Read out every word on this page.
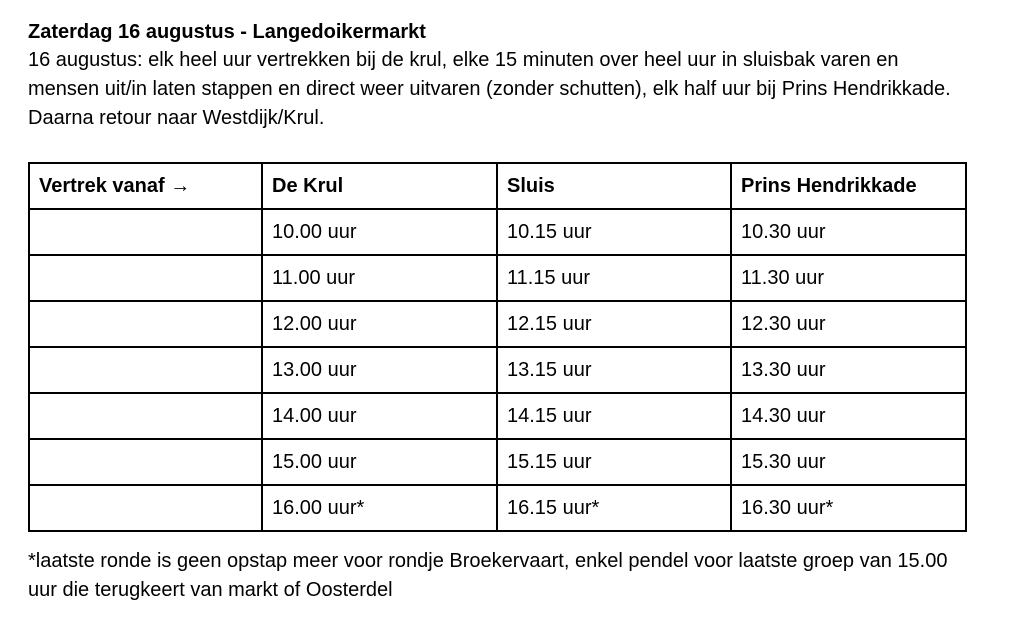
Zaterdag 16 augustus - Langedoikermarkt

16 augustus: elk heel uur vertrekken bij de krul, elke 15 minuten over heel uur in sluisbak varen en mensen uit/in laten stappen en direct weer uitvaren (zonder schutten), elk half uur bij Prins Hendrikkade. Daarna retour naar Westdijk/Krul.

Vertrek vanaf →	De Krul	Sluis	Prins Hendrikkade
	10.00 uur	10.15 uur	10.30 uur
	11.00 uur	11.15 uur	11.30 uur
	12.00 uur	12.15 uur	12.30 uur
	13.00 uur	13.15 uur	13.30 uur
	14.00 uur	14.15 uur	14.30 uur
	15.00 uur	15.15 uur	15.30 uur
	16.00 uur*	16.15 uur*	16.30 uur*

*laatste ronde is geen opstap meer voor rondje Broekervaart, enkel pendel voor laatste groep van 15.00 uur die terugkeert van markt of Oosterdel
